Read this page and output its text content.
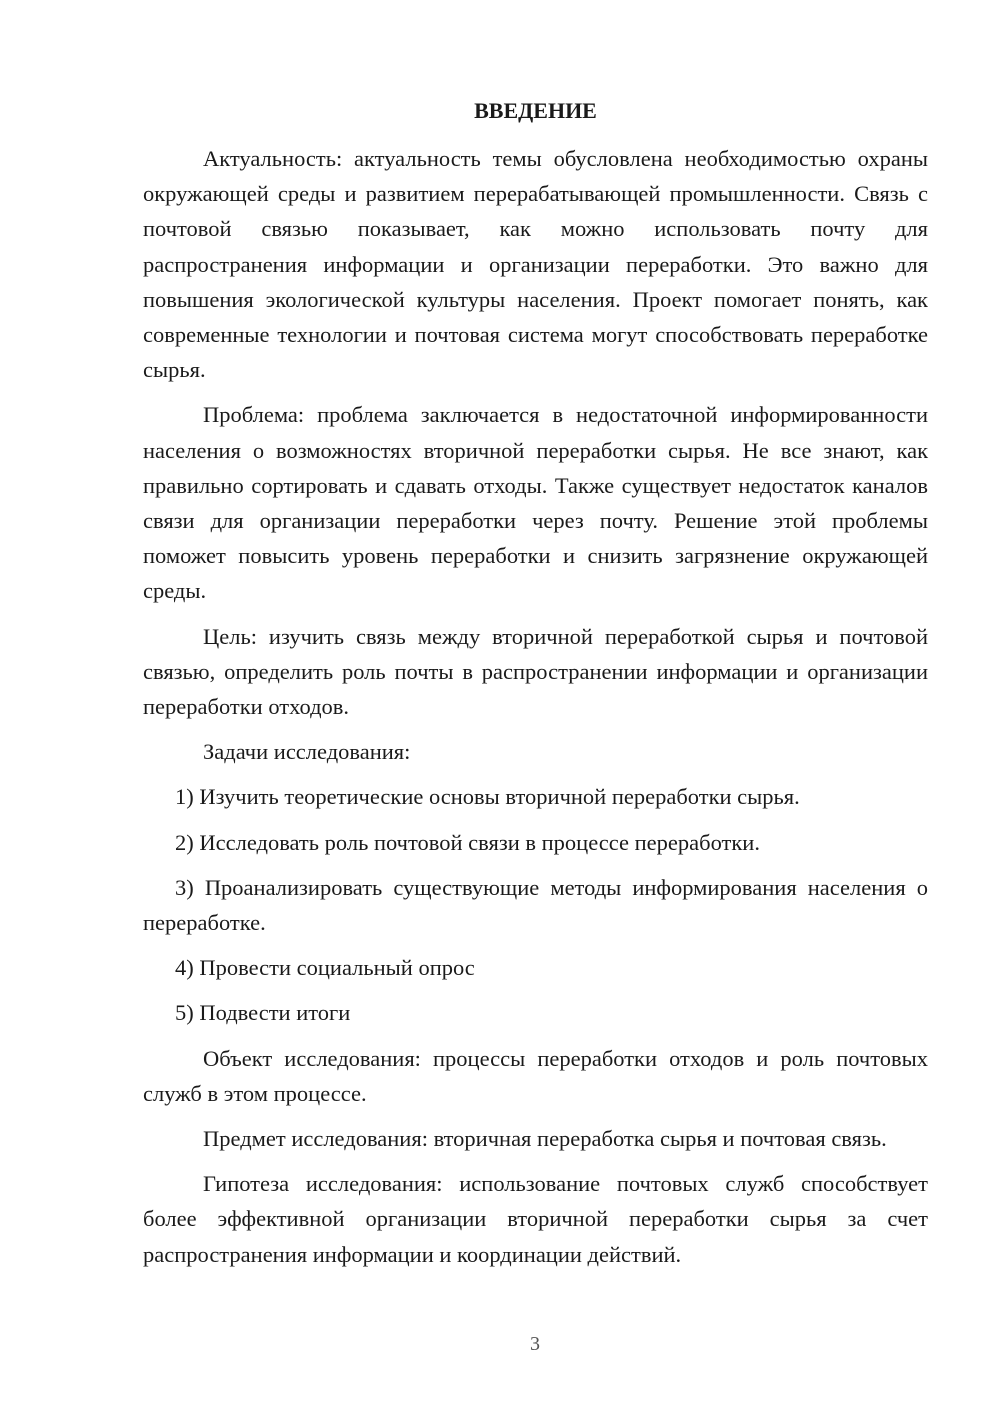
ВВЕДЕНИЕ

Актуальность: актуальность темы обусловлена необходимостью охраны окружающей среды и развитием перерабатывающей промышленности. Связь с почтовой связью показывает, как можно использовать почту для распространения информации и организации переработки. Это важно для повышения экологической культуры населения. Проект помогает понять, как современные технологии и почтовая система могут способствовать переработке сырья.

Проблема: проблема заключается в недостаточной информированности населения о возможностях вторичной переработки сырья. Не все знают, как правильно сортировать и сдавать отходы. Также существует недостаток каналов связи для организации переработки через почту. Решение этой проблемы поможет повысить уровень переработки и снизить загрязнение окружающей среды.

Цель: изучить связь между вторичной переработкой сырья и почтовой связью, определить роль почты в распространении информации и организации переработки отходов.

Задачи исследования:

1) Изучить теоретические основы вторичной переработки сырья.

2) Исследовать роль почтовой связи в процессе переработки.

3) Проанализировать существующие методы информирования населения о переработке.

4) Провести социальный опрос

5) Подвести итоги

Объект исследования: процессы переработки отходов и роль почтовых служб в этом процессе.

Предмет исследования: вторичная переработка сырья и почтовая связь.

Гипотеза исследования: использование почтовых служб способствует более эффективной организации вторичной переработки сырья за счет распространения информации и координации действий.

3
